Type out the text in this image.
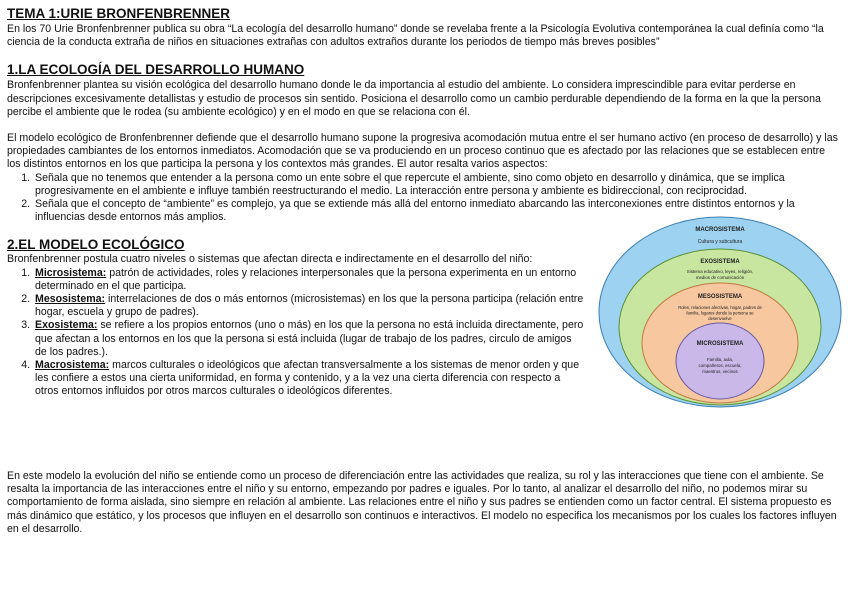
TEMA 1:URIE BRONFENBRENNER

En los 70 Urie Bronfenbrenner publica su obra “La ecología del desarrollo humano” donde se revelaba frente a la Psicología Evolutiva contemporánea la cual definía como “la ciencia de la conducta extraña de niños en situaciones extrañas con adultos extraños durante los periodos de tiempo más breves posibles”

1.LA ECOLOGÍA DEL DESARROLLO HUMANO

Bronfenbrenner plantea su visión ecológica del desarrollo humano donde le da importancia al estudio del ambiente. Lo considera imprescindible para evitar perderse en descripciones excesivamente detallistas y estudio de procesos sin sentido. Posiciona el desarrollo como un cambio perdurable dependiendo de la forma en la que la persona percibe el ambiente que le rodea (su ambiente ecológico) y en el modo en que se relaciona con él.

El modelo ecológico de Bronfenbrenner defiende que el desarrollo humano supone la progresiva acomodación mutua entre el ser humano activo (en proceso de desarrollo) y las propiedades cambiantes de los entornos inmediatos. Acomodación que se va produciendo en un proceso continuo que es afectado por las relaciones que se establecen entre los distintos entornos en los que participa la persona y los contextos más grandes. El autor resalta varios aspectos:

1. Señala que no tenemos que entender a la persona como un ente sobre el que repercute el ambiente, sino como objeto en desarrollo y dinámica, que se implica progresivamente en el ambiente e influye también reestructurando el medio. La interacción entre persona y ambiente es bidireccional, con reciprocidad.
2. Señala que el concepto de “ambiente” es complejo, ya que se extiende más allá del entorno inmediato abarcando las interconexiones entre distintos entornos y la influencias desde entornos más amplios.
2.EL MODELO ECOLÓGICO

Bronfenbrenner postula cuatro niveles o sistemas que afectan directa e indirectamente en el desarrollo del niño:

1. Microsistema: patrón de actividades, roles y relaciones interpersonales que la persona experimenta en un entorno determinado en el que participa.
2. Mesosistema: interrelaciones de dos o más entornos (microsistemas) en los que la persona participa (relación entre hogar, escuela y grupo de padres).
3. Exosistema: se refiere a los propios entornos (uno o más) en los que la persona no está incluida directamente, pero que afectan a los entornos en los que la persona si está incluida (lugar de trabajo de los padres, circulo de amigos de los padres.).
4. Macrosistema: marcos culturales o ideológicos que afectan transversalmente a los sistemas de menor orden y que les confiere a estos una cierta uniformidad, en forma y contenido, y a la vez una cierta diferencia con respecto a otros entornos influidos por otros marcos culturales o ideológicos diferentes.
MACROSISTEMA
Cultura y subcultura
EXOSISTEMA
Sistema educativo, leyes, religión,
medios de comunicación
MESOSISTEMA
Roles, relaciones afectivas, hogar, padres de
familia, lugares donde la persona se
desenvuelve
MICROSISTEMA
Familia, aula,
compañeros, escuela,
maestros, vecinos

En este modelo la evolución del niño se entiende como un proceso de diferenciación entre las actividades que realiza, su rol y las interacciones que tiene con el ambiente. Se resalta la importancia de las interacciones entre el niño y su entorno, empezando por padres e iguales. Por lo tanto, al analizar el desarrollo del niño, no podemos mirar su comportamiento de forma aislada, sino siempre en relación al ambiente. Las relaciones entre el niño y sus padres se entienden como un factor central. El sistema propuesto es más dinámico que estático, y los procesos que influyen en el desarrollo son continuos e interactivos. El modelo no especifica los mecanismos por los cuales los factores influyen en el desarrollo.
